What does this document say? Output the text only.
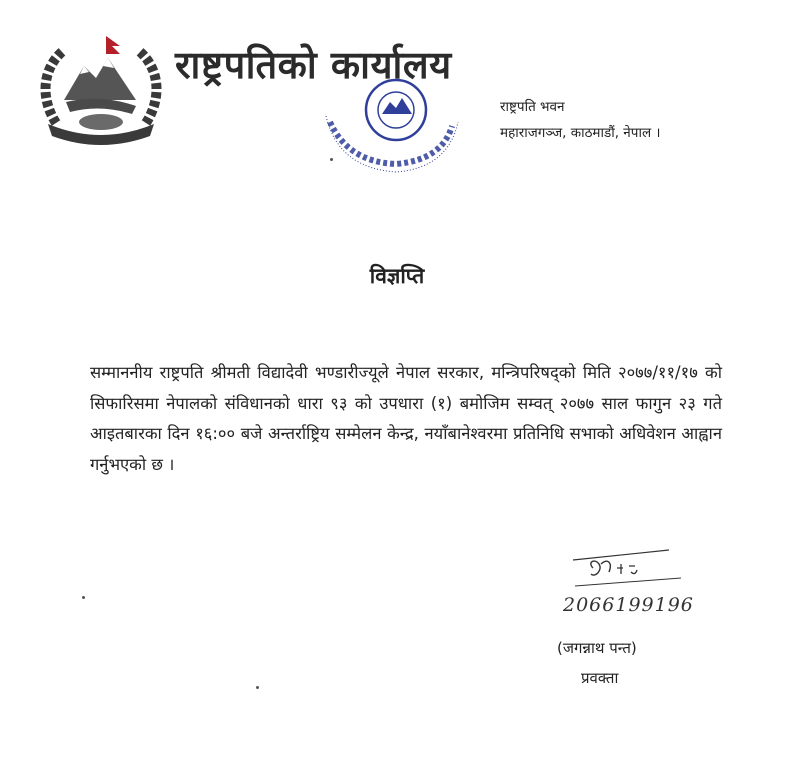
राष्ट्रपतिको कार्यालय
राष्ट्रपति भवन
महाराजगञ्ज, काठमाडौं, नेपाल ।
विज्ञप्ति
सम्माननीय राष्ट्रपति श्रीमती विद्यादेवी भण्डारीज्यूले नेपाल सरकार, मन्त्रिपरिषद्को मिति २०७७/११/१७ को सिफारिसमा नेपालको संविधानको धारा ९३ को उपधारा (१) बमोजिम सम्वत् २०७७ साल फागुन २३ गते आइतबारका दिन १६:०० बजे अन्तर्राष्ट्रिय सम्मेलन केन्द्र, नयाँबानेश्वरमा प्रतिनिधि सभाको अधिवेशन आह्वान गर्नुभएको छ ।
2066199196
(जगन्नाथ पन्त)
प्रवक्ता
